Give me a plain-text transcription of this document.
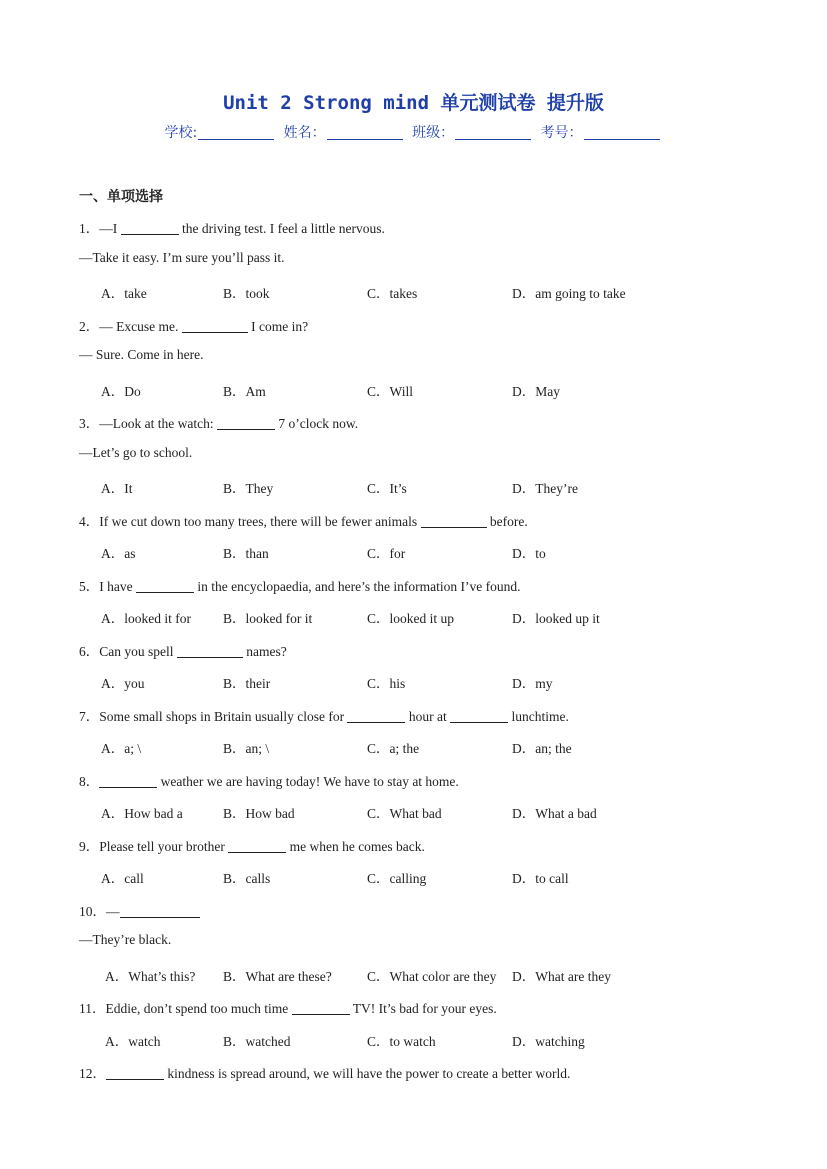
Unit 2 Strong mind 单元测试卷 提升版
学校:	姓名：	班级：	考号：
一、单项选择
1．—I	the driving test. I feel a little nervous.
—Take it easy. I’m sure you’ll pass it.
A．take	B．took	C．takes	D．am going to take
2．— Excuse me.	I come in?
— Sure. Come in here.
A．Do	B．Am	C．Will	D．May
3．—Look at the watch:	7 o’clock now.
—Let’s go to school.
A．It	B．They	C．It’s	D．They’re
4．If we cut down too many trees, there will be fewer animals	before.
A．as	B．than	C．for	D．to
5．I have	in the encyclopaedia, and here’s the information I’ve found.
A．looked it for B．looked for it	C．looked it up	D．looked up it
6．Can you spell	names?
A．you	B．their	C．his	D．my
7．Some small shops in Britain usually close for	hour at	lunchtime.
A．a; \	B．an; \	C．a; the	D．an; the
8．	weather we are having today! We have to stay at home.
A．How bad a	B．How bad	C．What bad	D．What a bad
9．Please tell your brother	me when he comes back.
A．call	B．calls	C．calling	D．to call
10．—
—They’re black.
A．What’s this? B．What are these?	C．What color are they D．What are they
11．Eddie, don’t spend too much time	TV! It’s bad for your eyes.
A．watch	B．watched	C．to watch	D．watching
12．	kindness is spread around, we will have the power to create a better world.
